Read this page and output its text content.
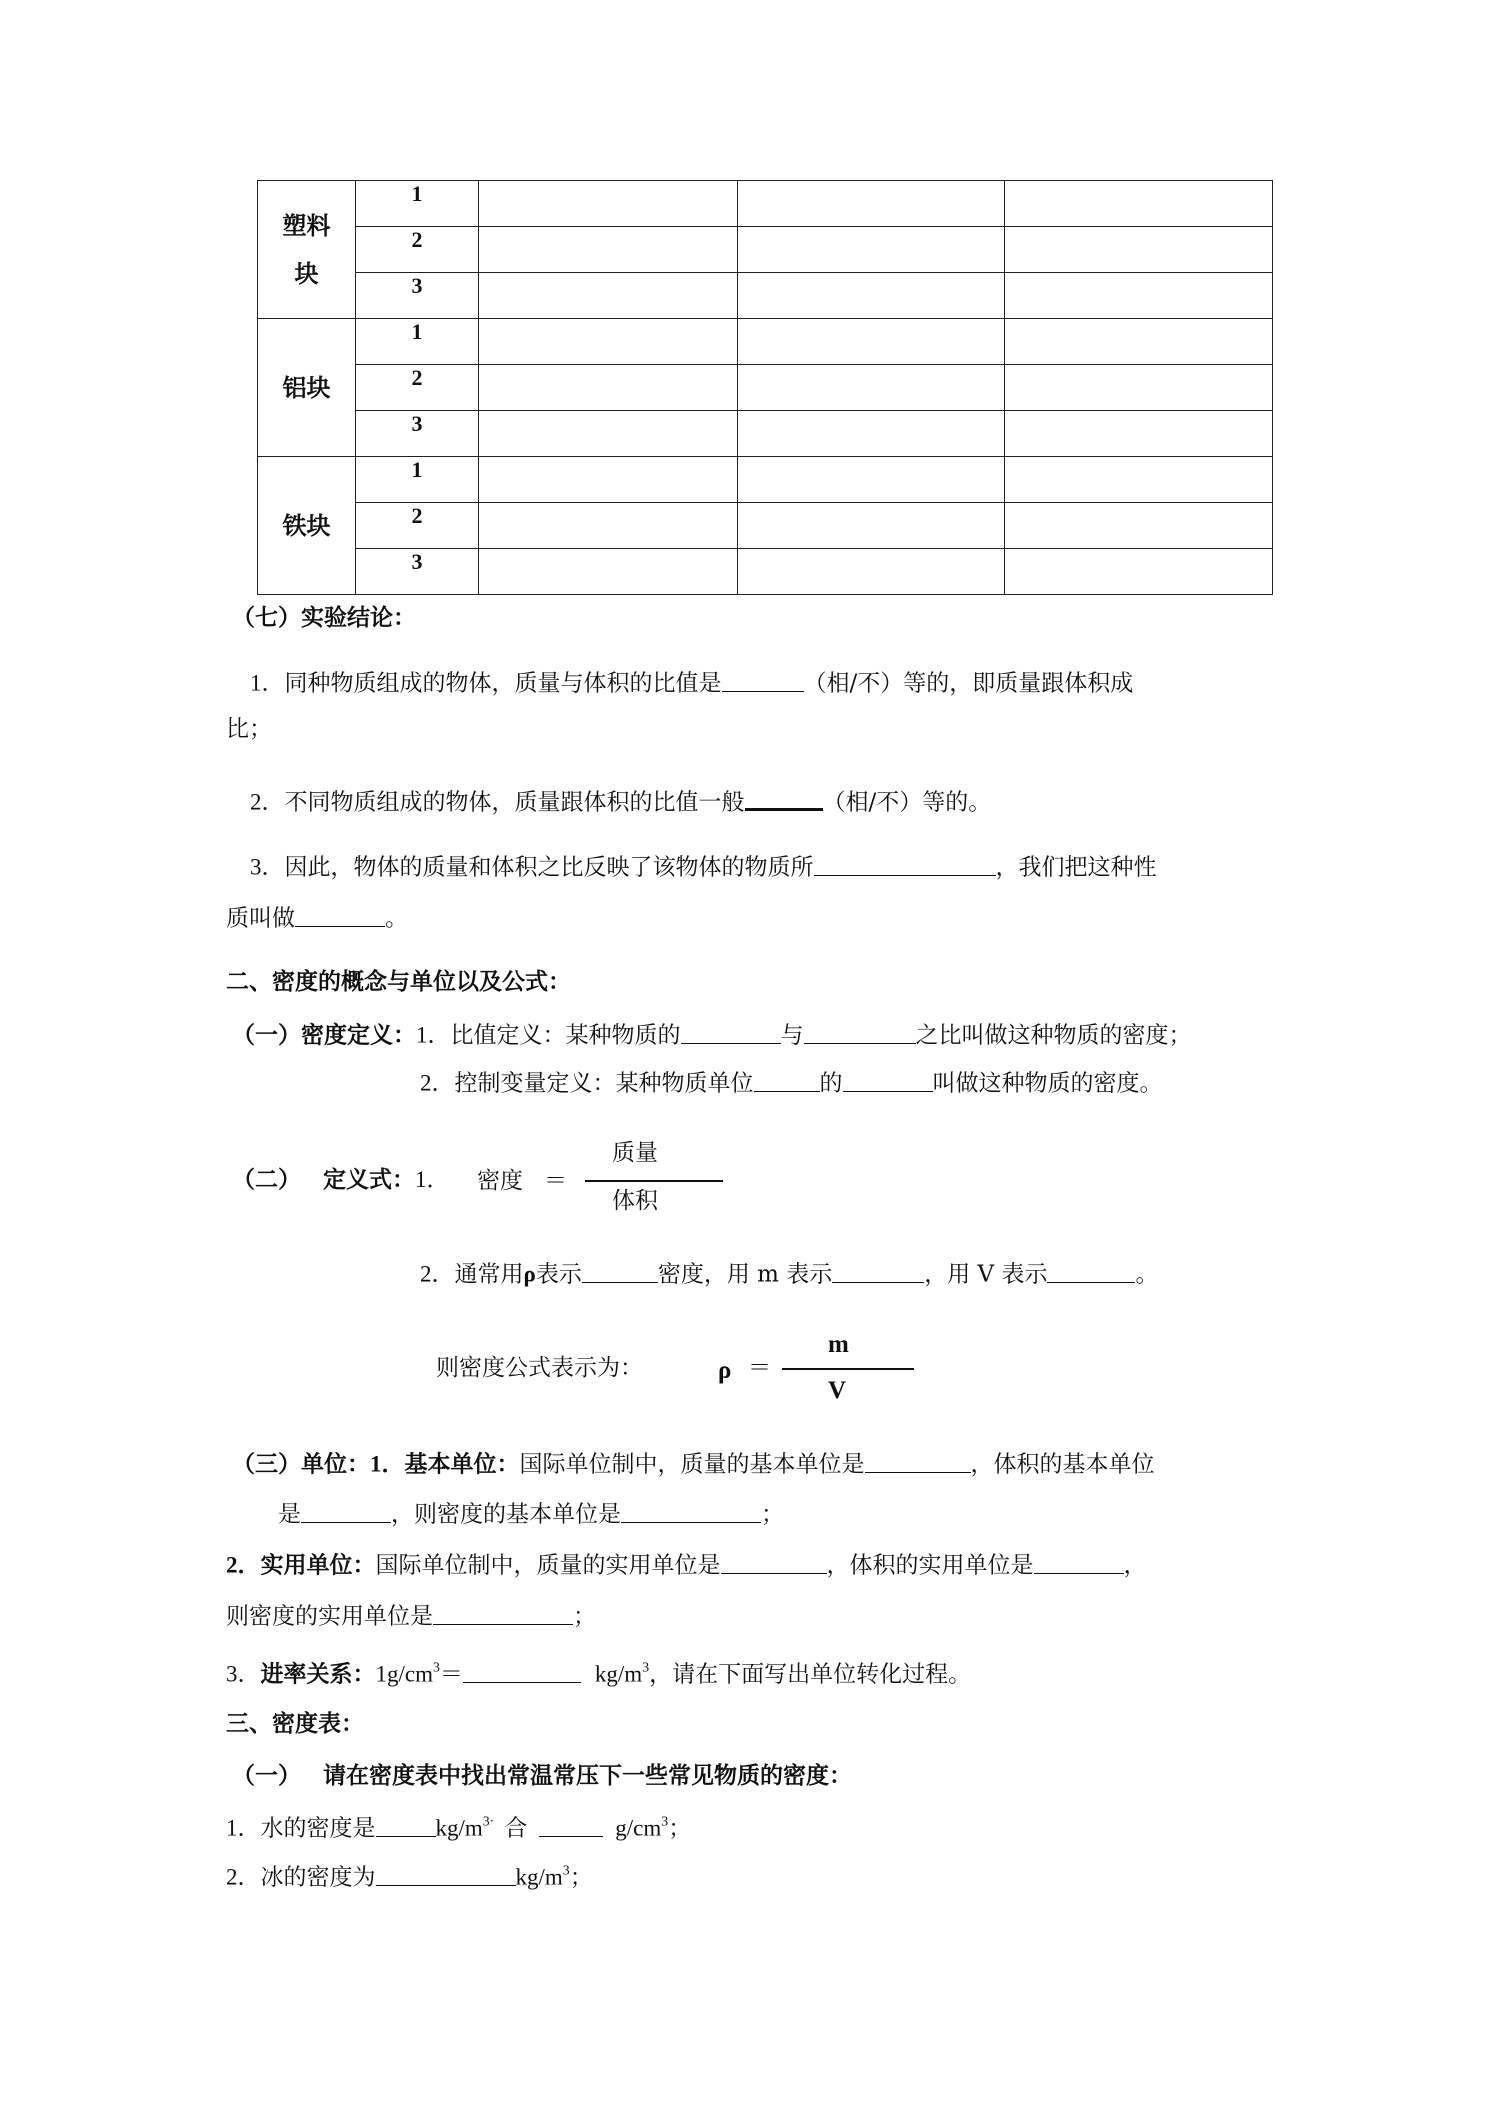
塑料
块	1			
	2			
	3			
铝块	1			
	2			
	3			
铁块	1			
	2			
	3			
（七）实验结论：
1．同种物质组成的物体，质量与体积的比值是	（相/不）等的，即质量跟体积成
比；
2．不同物质组成的物体，质量跟体积的比值一般	（相/不）等的。
3．因此，物体的质量和体积之比反映了该物体的物质所	，我们把这种性
质叫做	。
二、密度的概念与单位以及公式：
（一）密度定义：1．比值定义：某种物质的	与	之比叫做这种物质的密度；
2．控制变量定义：某种物质单位	的	叫做这种物质的密度。
（二） 定义式：1． 密度 ＝
质量
体积
2．通常用ρ表示	密度，用 m 表示	，用 V 表示	。
则密度公式表示为：	ρ ＝
m
V
（三）单位：1．基本单位：国际单位制中，质量的基本单位是	，体积的基本单位
是	，则密度的基本单位是	；
2．实用单位：国际单位制中，质量的实用单位是	，体积的实用单位是	，
则密度的实用单位是	；
3．进率关系：$1g/cm^3=$	$kg/m^3$，请在下面写出单位转化过程。
三、密度表：
（一） 请在密度表中找出常温常压下一些常见物质的密度：
1．水的密度是	$kg/m^{3\cdot}$ 合	$g/cm^3$；
2．冰的密度为	$kg/m^3$；
